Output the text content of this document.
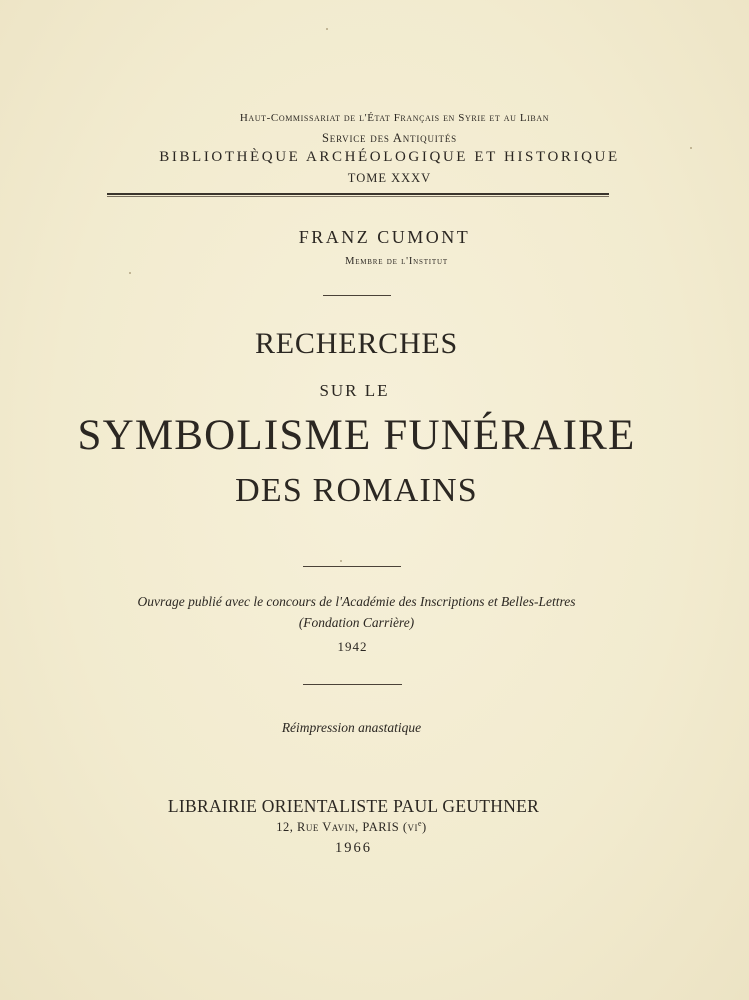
Haut-Commissariat de l'État Français en Syrie et au Liban
Service des Antiquités
BIBLIOTHÈQUE ARCHÉOLOGIQUE ET HISTORIQUE
TOME XXXV
FRANZ CUMONT
Membre de l'Institut
RECHERCHES
SUR LE
SYMBOLISME FUNÉRAIRE
DES ROMAINS
Ouvrage publié avec le concours de l'Académie des Inscriptions et Belles-Lettres
(Fondation Carrière)
1942
Réimpression anastatique
LIBRAIRIE ORIENTALISTE PAUL GEUTHNER
12, Rue Vavin, PARIS $(vi^e)$
1966
